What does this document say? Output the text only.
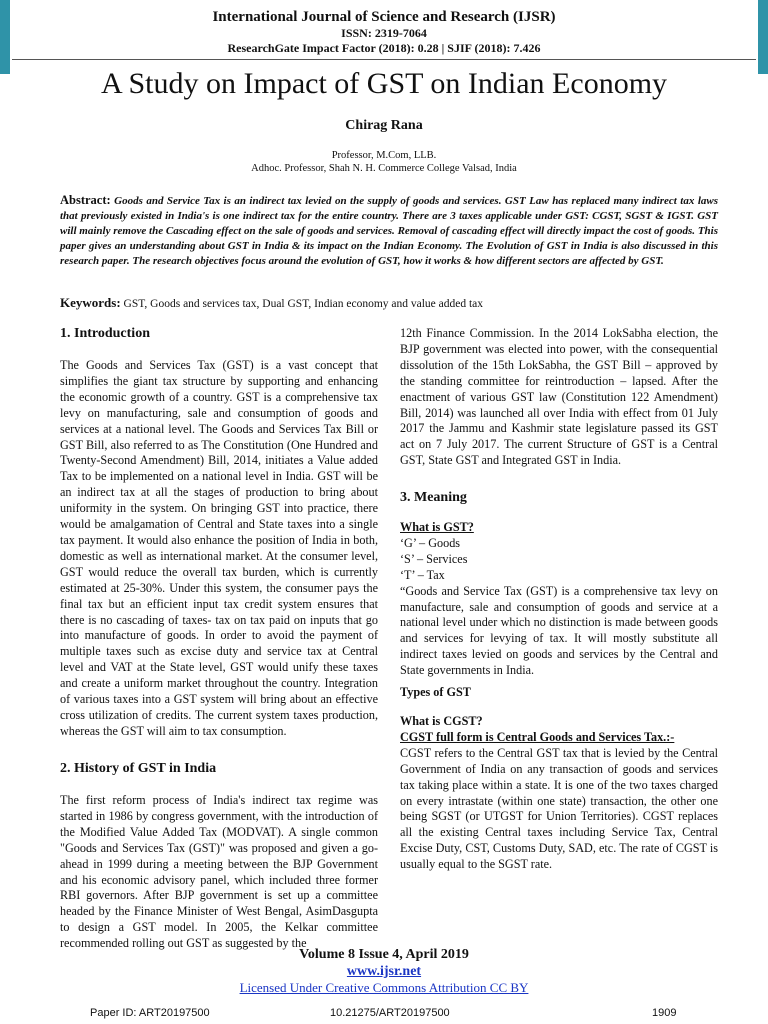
International Journal of Science and Research (IJSR)
ISSN: 2319-7064
ResearchGate Impact Factor (2018): 0.28 | SJIF (2018): 7.426
A Study on Impact of GST on Indian Economy
Chirag Rana
Professor, M.Com, LLB.
Adhoc. Professor, Shah N. H. Commerce College Valsad, India
Abstract: Goods and Service Tax is an indirect tax levied on the supply of goods and services. GST Law has replaced many indirect tax laws that previously existed in India's is one indirect tax for the entire country. There are 3 taxes applicable under GST: CGST, SGST & IGST. GST will mainly remove the Cascading effect on the sale of goods and services. Removal of cascading effect will directly impact the cost of goods. This paper gives an understanding about GST in India & its impact on the Indian Economy. The Evolution of GST in India is also discussed in this research paper. The research objectives focus around the evolution of GST, how it works & how different sectors are affected by GST.
Keywords: GST, Goods and services tax, Dual GST, Indian economy and value added tax

1. Introduction

The Goods and Services Tax (GST) is a vast concept that simplifies the giant tax structure by supporting and enhancing the economic growth of a country. GST is a comprehensive tax levy on manufacturing, sale and consumption of goods and services at a national level. The Goods and Services Tax Bill or GST Bill, also referred to as The Constitution (One Hundred and Twenty-Second Amendment) Bill, 2014, initiates a Value added Tax to be implemented on a national level in India. GST will be an indirect tax at all the stages of production to bring about uniformity in the system. On bringing GST into practice, there would be amalgamation of Central and State taxes into a single tax payment. It would also enhance the position of India in both, domestic as well as international market. At the consumer level, GST would reduce the overall tax burden, which is currently estimated at 25-30%. Under this system, the consumer pays the final tax but an efficient input tax credit system ensures that there is no cascading of taxes- tax on tax paid on inputs that go into manufacture of goods. In order to avoid the payment of multiple taxes such as excise duty and service tax at Central level and VAT at the State level, GST would unify these taxes and create a uniform market throughout the country. Integration of various taxes into a GST system will bring about an effective cross utilization of credits. The current system taxes production, whereas the GST will aim to tax consumption.

2. History of GST in India

The first reform process of India's indirect tax regime was started in 1986 by congress government, with the introduction of the Modified Value Added Tax (MODVAT). A single common "Goods and Services Tax (GST)" was proposed and given a go-ahead in 1999 during a meeting between the BJP Government and his economic advisory panel, which included three former RBI governors. After BJP government is set up a committee headed by the Finance Minister of West Bengal, AsimDasgupta to design a GST model. In 2005, the Kelkar committee recommended rolling out GST as suggested by the

12th Finance Commission. In the 2014 LokSabha election, the BJP government was elected into power, with the consequential dissolution of the 15th LokSabha, the GST Bill – approved by the standing committee for reintroduction – lapsed. After the enactment of various GST law (Constitution 122 Amendment) Bill, 2014) was launched all over India with effect from 01 July 2017 the Jammu and Kashmir state legislature passed its GST act on 7 July 2017. The current Structure of GST is a Central GST, State GST and Integrated GST in India.

3. Meaning

What is GST?

‘G’ – Goods

‘S’ – Services

‘T’ – Tax

“Goods and Service Tax (GST) is a comprehensive tax levy on manufacture, sale and consumption of goods and service at a national level under which no distinction is made between goods and services for levying of tax. It will mostly substitute all indirect taxes levied on goods and services by the Central and State governments in India.

Types of GST

What is CGST?

CGST full form is Central Goods and Services Tax.:-

CGST refers to the Central GST tax that is levied by the Central Government of India on any transaction of goods and services tax taking place within a state. It is one of the two taxes charged on every intrastate (within one state) transaction, the other one being SGST (or UTGST for Union Territories). CGST replaces all the existing Central taxes including Service Tax, Central Excise Duty, CST, Customs Duty, SAD, etc. The rate of CGST is usually equal to the SGST rate.

Volume 8 Issue 4, April 2019
www.ijsr.net
Licensed Under Creative Commons Attribution CC BY
Paper ID: ART20197500	10.21275/ART20197500	1909
